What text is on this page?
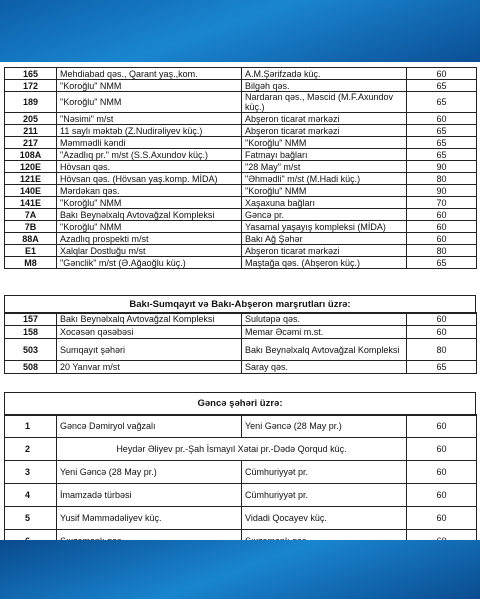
165	Mehdiabad qəs., Qarant yaş.,kom.	A.M.Şərifzadə küç.	60
172	"Koroğlu" NMM	Bilgəh qəs.	65
189	"Koroğlu" NMM	Nardaran qəs., Məscid (M.F.Axundov küç.)	65
205	"Nəsimi" m/st	Abşeron ticarət mərkəzi	60
211	11 saylı məktəb (Z.Nudirəliyev küç.)	Abşeron ticarət mərkəzi	65
217	Məmmədli kəndi	"Koroğlu" NMM	65
108A	"Azadlıq pr." m/st (S.S.Axundov küç.)	Fatmayı bağları	65
120E	Hövsan qəs.	"28 May" m/st	90
121E	Hövsan qəs. (Hövsan yaş.komp. MİDA)	"Əhmədli" m/st (M.Hadi küç.)	80
140E	Mərdəkan qəs.	"Koroğlu" NMM	90
141E	"Koroğlu" NMM	Xaşaxuna bağları	70
7A	Bakı Beynəlxalq Avtovağzal Kompleksi	Gəncə pr.	60
7B	"Koroğlu" NMM	Yasamal yaşayış kompleksi (MİDA)	60
88A	Azadlıq prospekti m/st	Bakı Ağ Şəhər	60
E1	Xalqlar Dostluğu m/st	Abşeron ticarət mərkəzi	80
M8	"Gənclik" m/st (Ə.Ağaoğlu küç.)	Maştağa qəs. (Abşeron küç.)	65
Bakı-Sumqayıt və Bakı-Abşeron marşrutları üzrə:
157	Bakı Beynəlxalq Avtovağzal Kompleksi	Sulutəpə qəs.	60
158	Xocəsən qəsəbəsi	Memar Əcəmi m.st.	60
503	Sumqayıt şəhəri	Bakı Beynəlxalq Avtovağzal Kompleksi	80
508	20 Yanvar m/st	Saray qəs.	65
Gəncə şəhəri üzrə:
1	Gəncə Dəmiryol vağzalı	Yeni Gəncə (28 May pr.)	60
2	Heydər Əliyev pr.-Şah İsmayıl Xətai pr.-Dədə Qorqud küç.		60
3	Yeni Gəncə (28 May pr.)	Cümhuriyyət pr.	60
4	İmamzadə türbəsi	Cümhuriyyət pr.	60
5	Yusif Məmmədəliyev küç.	Vidadi Qocayev küç.	60
